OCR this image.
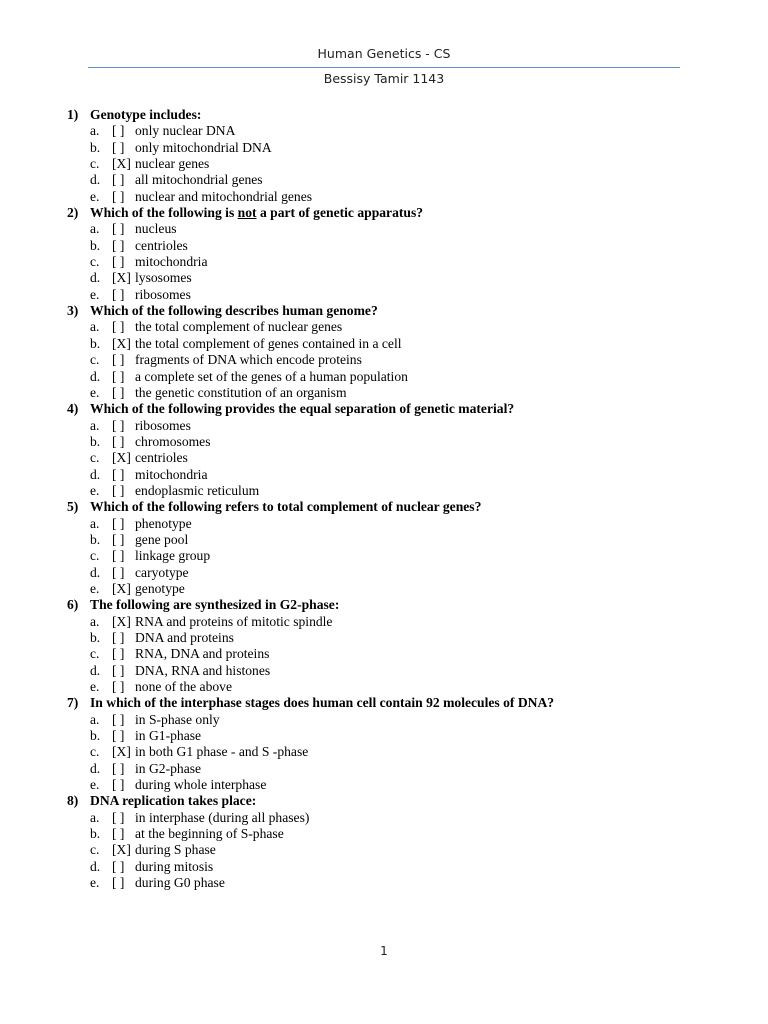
Human Genetics - CS
Bessisy Tamir 1143
1) Genotype includes:
a. [ ] only nuclear DNA
b. [ ] only mitochondrial DNA
c. [X] nuclear genes
d. [ ] all mitochondrial genes
e. [ ] nuclear and mitochondrial genes
2) Which of the following is not a part of genetic apparatus?
a. [ ] nucleus
b. [ ] centrioles
c. [ ] mitochondria
d. [X] lysosomes
e. [ ] ribosomes
3) Which of the following describes human genome?
a. [ ] the total complement of nuclear genes
b. [X] the total complement of genes contained in a cell
c. [ ] fragments of DNA which encode proteins
d. [ ] a complete set of the genes of a human population
e. [ ] the genetic constitution of an organism
4) Which of the following provides the equal separation of genetic material?
a. [ ] ribosomes
b. [ ] chromosomes
c. [X] centrioles
d. [ ] mitochondria
e. [ ] endoplasmic reticulum
5) Which of the following refers to total complement of nuclear genes?
a. [ ] phenotype
b. [ ] gene pool
c. [ ] linkage group
d. [ ] caryotype
e. [X] genotype
6) The following are synthesized in G2-phase:
a. [X] RNA and proteins of mitotic spindle
b. [ ] DNA and proteins
c. [ ] RNA, DNA and proteins
d. [ ] DNA, RNA and histones
e. [ ] none of the above
7) In which of the interphase stages does human cell contain 92 molecules of DNA?
a. [ ] in S-phase only
b. [ ] in G1-phase
c. [X] in both G1 phase - and S -phase
d. [ ] in G2-phase
e. [ ] during whole interphase
8) DNA replication takes place:
a. [ ] in interphase (during all phases)
b. [ ] at the beginning of S-phase
c. [X] during S phase
d. [ ] during mitosis
e. [ ] during G0 phase
1
